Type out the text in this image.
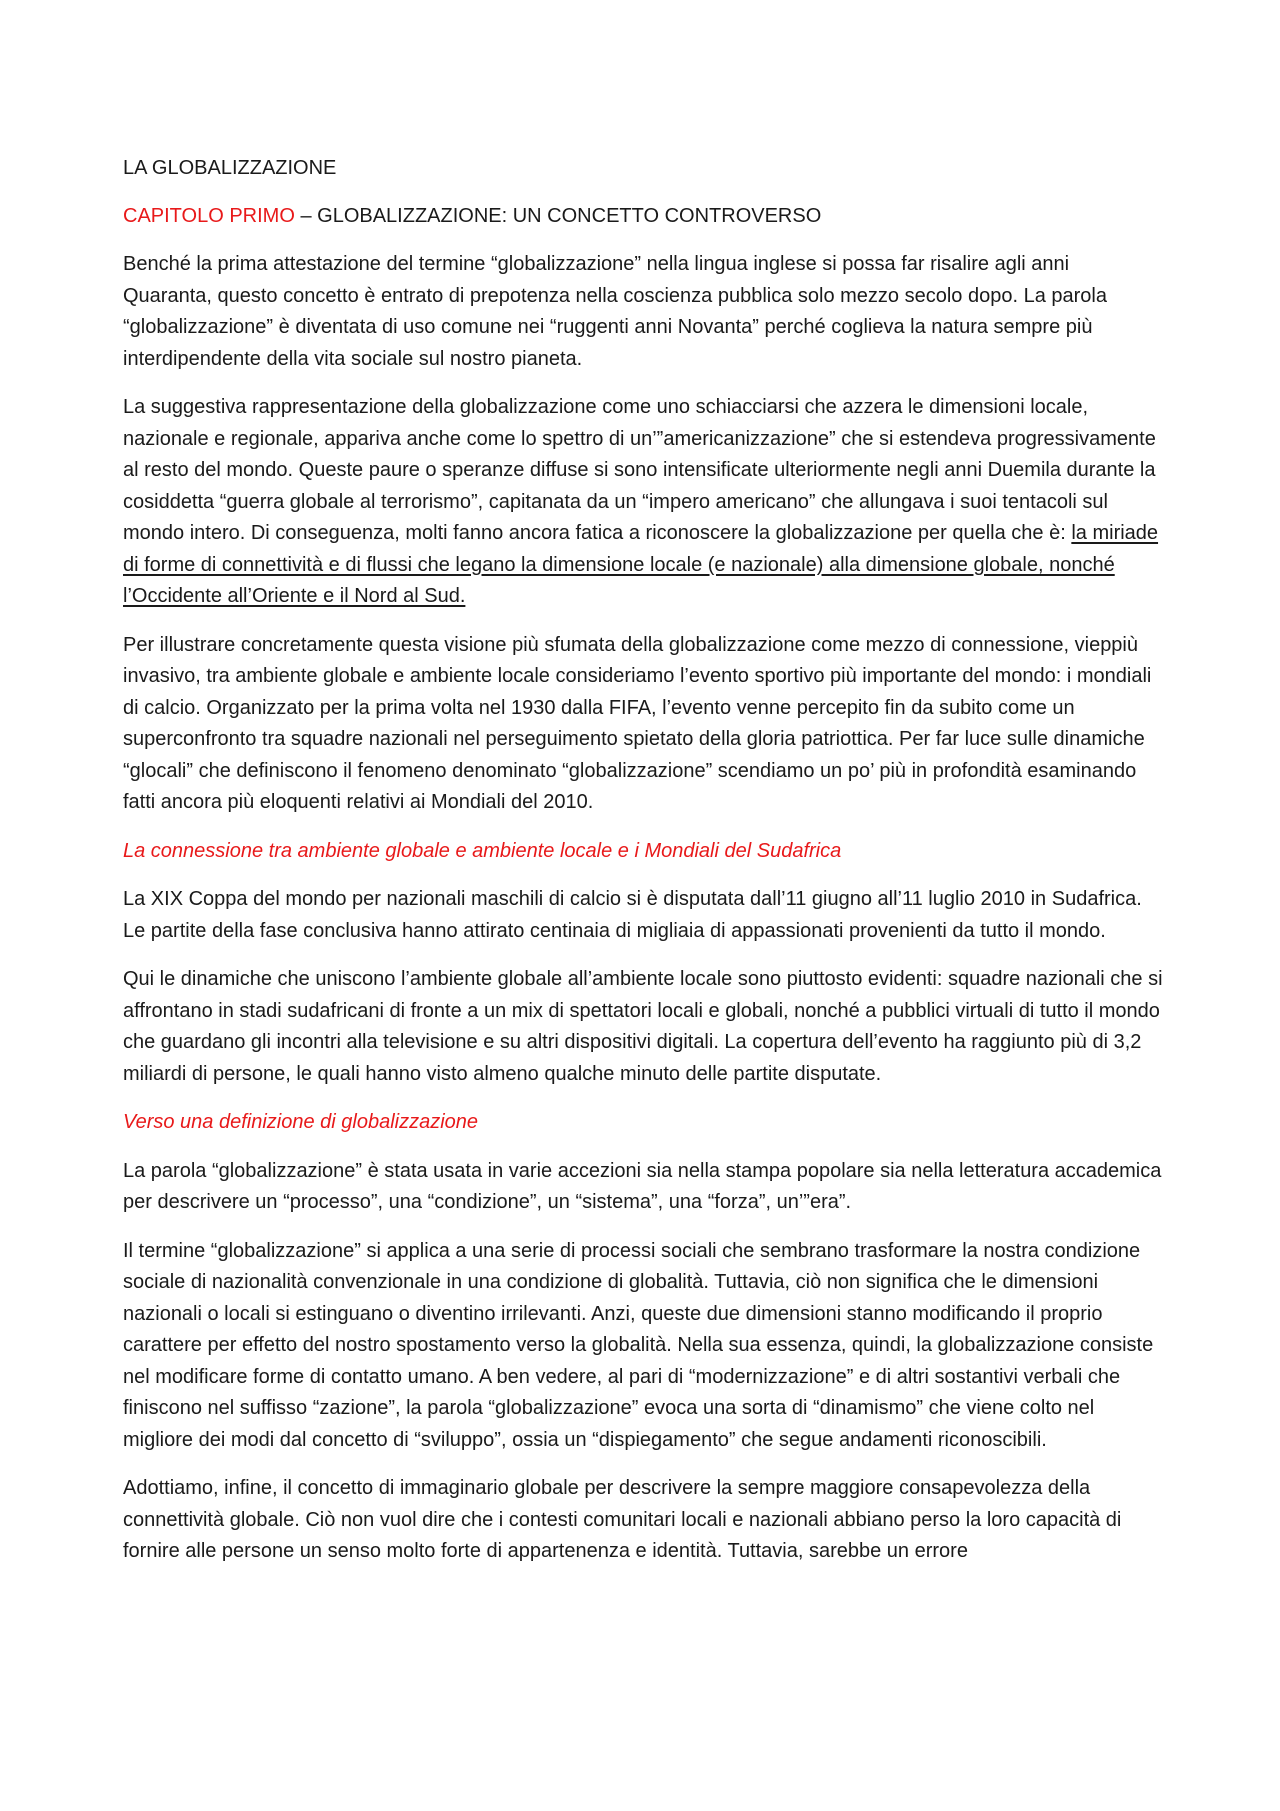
LA GLOBALIZZAZIONE

CAPITOLO PRIMO – GLOBALIZZAZIONE: UN CONCETTO CONTROVERSO

Benché la prima attestazione del termine “globalizzazione” nella lingua inglese si possa far risalire agli anni Quaranta, questo concetto è entrato di prepotenza nella coscienza pubblica solo mezzo secolo dopo. La parola “globalizzazione” è diventata di uso comune nei “ruggenti anni Novanta” perché coglieva la natura sempre più interdipendente della vita sociale sul nostro pianeta.

La suggestiva rappresentazione della globalizzazione come uno schiacciarsi che azzera le dimensioni locale, nazionale e regionale, appariva anche come lo spettro di un’”americanizzazione” che si estendeva progressivamente al resto del mondo. Queste paure o speranze diffuse si sono intensificate ulteriormente negli anni Duemila durante la cosiddetta “guerra globale al terrorismo”, capitanata da un “impero americano” che allungava i suoi tentacoli sul mondo intero. Di conseguenza, molti fanno ancora fatica a riconoscere la globalizzazione per quella che è: la miriade di forme di connettività e di flussi che legano la dimensione locale (e nazionale) alla dimensione globale, nonché l’Occidente all’Oriente e il Nord al Sud.

Per illustrare concretamente questa visione più sfumata della globalizzazione come mezzo di connessione, vieppiù invasivo, tra ambiente globale e ambiente locale consideriamo l’evento sportivo più importante del mondo: i mondiali di calcio. Organizzato per la prima volta nel 1930 dalla FIFA, l’evento venne percepito fin da subito come un superconfronto tra squadre nazionali nel perseguimento spietato della gloria patriottica. Per far luce sulle dinamiche “glocali” che definiscono il fenomeno denominato “globalizzazione” scendiamo un po’ più in profondità esaminando fatti ancora più eloquenti relativi ai Mondiali del 2010.

La connessione tra ambiente globale e ambiente locale e i Mondiali del Sudafrica

La XIX Coppa del mondo per nazionali maschili di calcio si è disputata dall’11 giugno all’11 luglio 2010 in Sudafrica. Le partite della fase conclusiva hanno attirato centinaia di migliaia di appassionati provenienti da tutto il mondo.

Qui le dinamiche che uniscono l’ambiente globale all’ambiente locale sono piuttosto evidenti: squadre nazionali che si affrontano in stadi sudafricani di fronte a un mix di spettatori locali e globali, nonché a pubblici virtuali di tutto il mondo che guardano gli incontri alla televisione e su altri dispositivi digitali. La copertura dell’evento ha raggiunto più di 3,2 miliardi di persone, le quali hanno visto almeno qualche minuto delle partite disputate.

Verso una definizione di globalizzazione

La parola “globalizzazione” è stata usata in varie accezioni sia nella stampa popolare sia nella letteratura accademica per descrivere un “processo”, una “condizione”, un “sistema”, una “forza”, un’”era”.

Il termine “globalizzazione” si applica a una serie di processi sociali che sembrano trasformare la nostra condizione sociale di nazionalità convenzionale in una condizione di globalità. Tuttavia, ciò non significa che le dimensioni nazionali o locali si estinguano o diventino irrilevanti. Anzi, queste due dimensioni stanno modificando il proprio carattere per effetto del nostro spostamento verso la globalità. Nella sua essenza, quindi, la globalizzazione consiste nel modificare forme di contatto umano. A ben vedere, al pari di “modernizzazione” e di altri sostantivi verbali che finiscono nel suffisso “zazione”, la parola “globalizzazione” evoca una sorta di “dinamismo” che viene colto nel migliore dei modi dal concetto di “sviluppo”, ossia un “dispiegamento” che segue andamenti riconoscibili.

Adottiamo, infine, il concetto di immaginario globale per descrivere la sempre maggiore consapevolezza della connettività globale. Ciò non vuol dire che i contesti comunitari locali e nazionali abbiano perso la loro capacità di fornire alle persone un senso molto forte di appartenenza e identità. Tuttavia, sarebbe un errore
